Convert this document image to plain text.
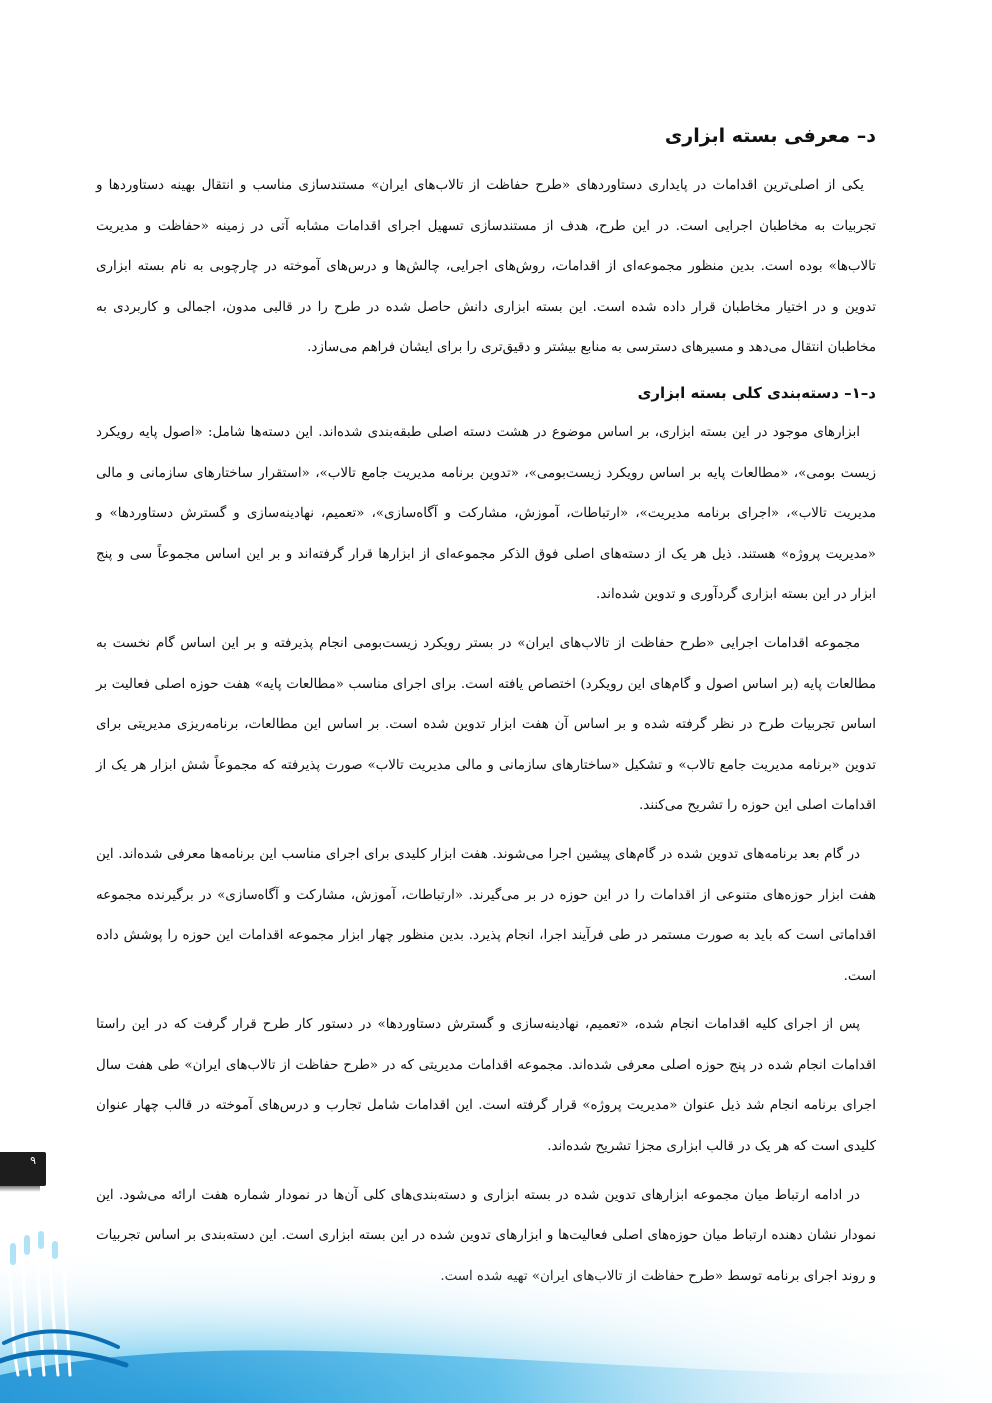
د– معرفی بسته ابزاری

یکی از اصلی‌ترین اقدامات در پایداری دستاوردهای «طرح حفاظت از تالاب‌های ایران» مستندسازی مناسب و انتقال بهینه دستاوردها و تجربیات به مخاطبان اجرایی است. در این طرح، هدف از مستندسازی تسهیل اجرای اقدامات مشابه آتی در زمینه «حفاظت و مدیریت تالاب‌ها» بوده است. بدین منظور مجموعه‌ای از اقدامات، روش‌های اجرایی، چالش‌ها و درس‌های آموخته در چارچوبی به نام بسته ابزاری تدوین و در اختیار مخاطبان قرار داده شده است. این بسته ابزاری دانش حاصل شده در طرح را در قالبی مدون، اجمالی و کاربردی به مخاطبان انتقال می‌دهد و مسیرهای دسترسی به منابع بیشتر و دقیق‌تری را برای ایشان فراهم می‌سازد.

د–۱– دسته‌بندی کلی بسته ابزاری

ابزارهای موجود در این بسته ابزاری، بر اساس موضوع در هشت دسته اصلی طبقه‌بندی شده‌اند. این دسته‌ها شامل: «اصول پایه رویکرد زیست بومی»، «مطالعات پایه بر اساس رویکرد زیست‌بومی»، «تدوین برنامه مدیریت جامع تالاب»، «استقرار ساختارهای سازمانی و مالی مدیریت تالاب»، «اجرای برنامه مدیریت»، «ارتباطات، آموزش، مشارکت و آگاه‌سازی»، «تعمیم، نهادینه‌سازی و گسترش دستاوردها» و «مدیریت پروژه» هستند. ذیل هر یک از دسته‌های اصلی فوق الذکر مجموعه‌ای از ابزارها قرار گرفته‌اند و بر این اساس مجموعاً سی و پنج ابزار در این بسته ابزاری گردآوری و تدوین شده‌اند.

مجموعه اقدامات اجرایی «طرح حفاظت از تالاب‌های ایران» در بستر رویکرد زیست‌بومی انجام پذیرفته و بر این اساس گام نخست به مطالعات پایه (بر اساس اصول و گام‌های این رویکرد) اختصاص یافته است. برای اجرای مناسب «مطالعات پایه» هفت حوزه اصلی فعالیت بر اساس تجربیات طرح در نظر گرفته شده و بر اساس آن هفت ابزار تدوین شده است. بر اساس این مطالعات، برنامه‌ریزی مدیریتی برای تدوین «برنامه مدیریت جامع تالاب» و تشکیل «ساختارهای سازمانی و مالی مدیریت تالاب» صورت پذیرفته که مجموعاً شش ابزار هر یک از اقدامات اصلی این حوزه را تشریح می‌کنند.

در گام بعد برنامه‌های تدوین شده در گام‌های پیشین اجرا می‌شوند. هفت ابزار کلیدی برای اجرای مناسب این برنامه‌ها معرفی شده‌اند. این هفت ابزار حوزه‌های متنوعی از اقدامات را در این حوزه در بر می‌گیرند. «ارتباطات، آموزش، مشارکت و آگاه‌سازی» در برگیرنده مجموعه اقداماتی است که باید به صورت مستمر در طی فرآیند اجرا، انجام پذیرد. بدین منظور چهار ابزار مجموعه اقدامات این حوزه را پوشش داده است.

پس از اجرای کلیه اقدامات انجام شده، «تعمیم، نهادینه‌سازی و گسترش دستاوردها» در دستور کار طرح قرار گرفت که در این راستا اقدامات انجام شده در پنج حوزه اصلی معرفی شده‌اند. مجموعه اقدامات مدیریتی که در «طرح حفاظت از تالاب‌های ایران» طی هفت سال اجرای برنامه انجام شد ذیل عنوان «مدیریت پروژه» قرار گرفته است. این اقدامات شامل تجارب و درس‌های آموخته در قالب چهار عنوان کلیدی است که هر یک در قالب ابزاری مجزا تشریح شده‌اند.

در ادامه ارتباط میان مجموعه ابزارهای تدوین شده در بسته ابزاری و دسته‌بندی‌های کلی آن‌ها در نمودار شماره هفت ارائه می‌شود. این

۹
